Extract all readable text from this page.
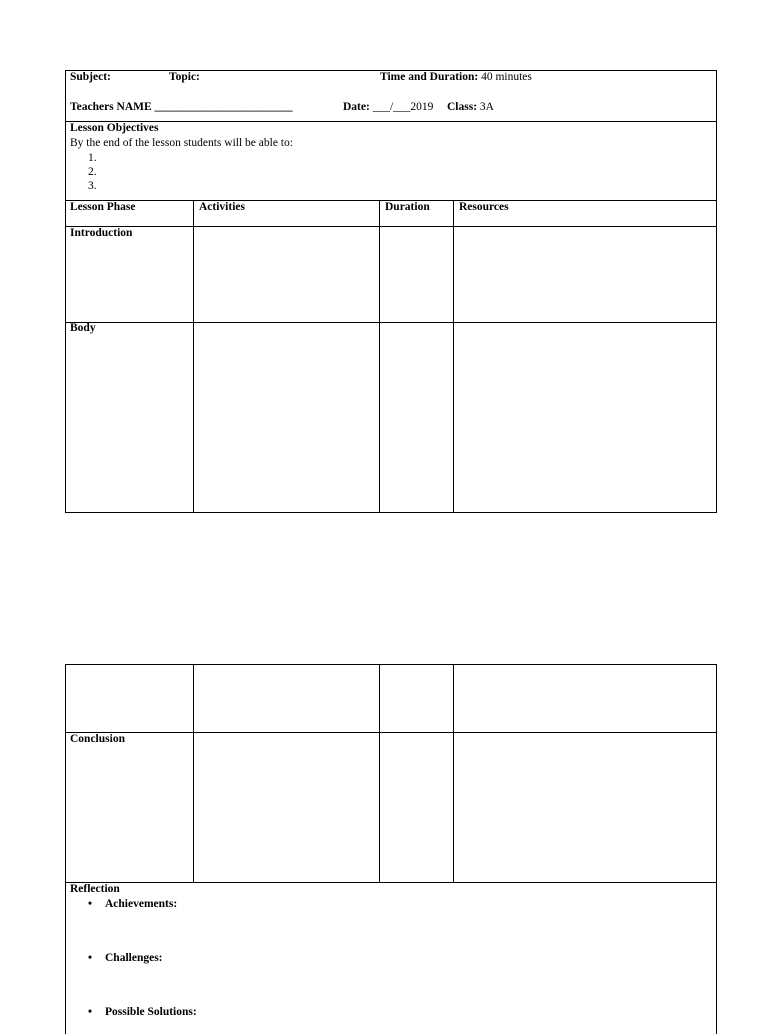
Subject:	Topic:	Time and Duration: 40 minutes
Teachers NAME ________________________	Date: ___/___2019 Class: 3A
Lesson Objectives
By the end of the lesson students will be able to:
1.
2.
3.
Lesson Phase	Activities	Duration	Resources
Introduction
Body
Conclusion
Reflection
• Achievements:
• Challenges:
• Possible Solutions:
